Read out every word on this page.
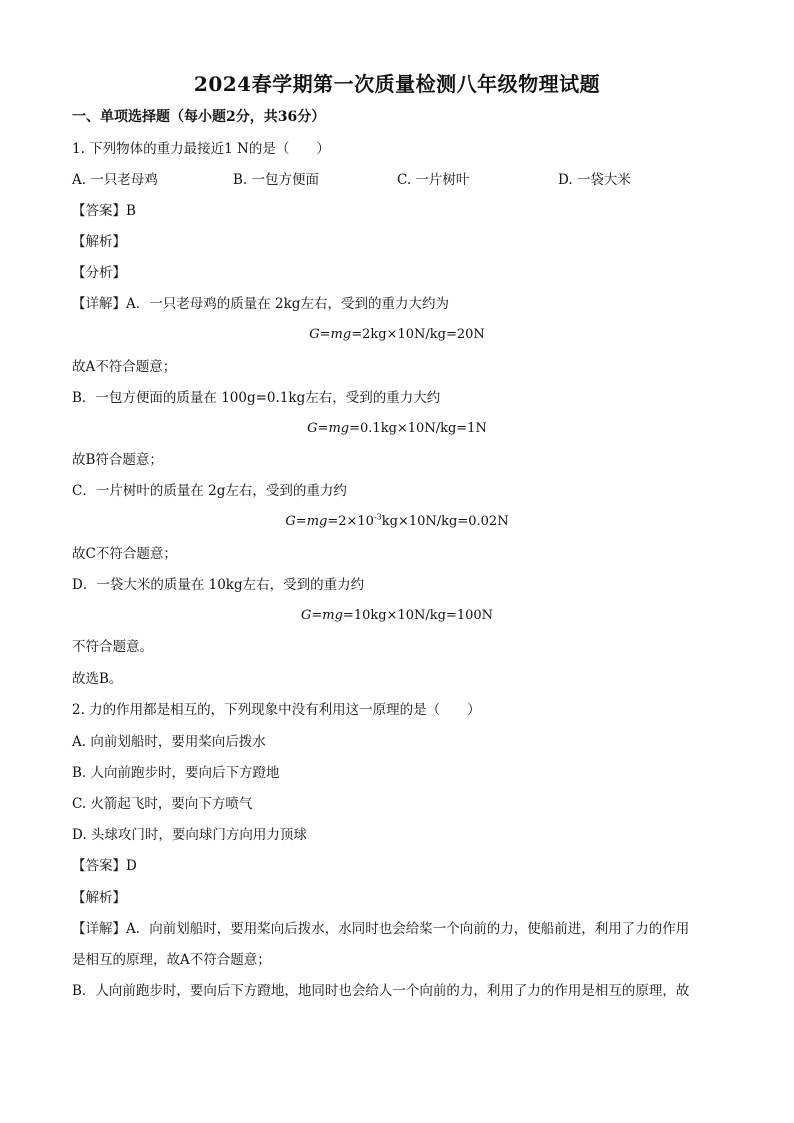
2024春学期第一次质量检测八年级物理试题
一、单项选择题（每小题2分，共36分）
1. 下列物体的重力最接近1 N的是（　　）
A. 一只老母鸡	B. 一包方便面	C. 一片树叶	D. 一袋大米
【答案】B
【解析】
【分析】
【详解】A．一只老母鸡的质量在 2kg左右，受到的重力大约为
G=mg=2kg×10N/kg=20N
故A不符合题意；
B．一包方便面的质量在 100g=0.1kg左右，受到的重力大约
G=mg=0.1kg×10N/kg=1N
故B符合题意；
C．一片树叶的质量在 2g左右，受到的重力约
$G=mg=2\times 10^{-3}kg\times 10N/kg=0.02N$
故C不符合题意；
D．一袋大米的质量在 10kg左右，受到的重力约
G=mg=10kg×10N/kg=100N
不符合题意。
故选B。
2. 力的作用都是相互的，下列现象中没有利用这一原理的是（　　）
A. 向前划船时，要用桨向后拨水
B. 人向前跑步时，要向后下方蹬地
C. 火箭起飞时，要向下方喷气
D. 头球攻门时，要向球门方向用力顶球
【答案】D
【解析】
【详解】A．向前划船时，要用桨向后拨水，水同时也会给桨一个向前的力，使船前进，利用了力的作用
是相互的原理，故A不符合题意；
B．人向前跑步时，要向后下方蹬地，地同时也会给人一个向前的力，利用了力的作用是相互的原理，故
